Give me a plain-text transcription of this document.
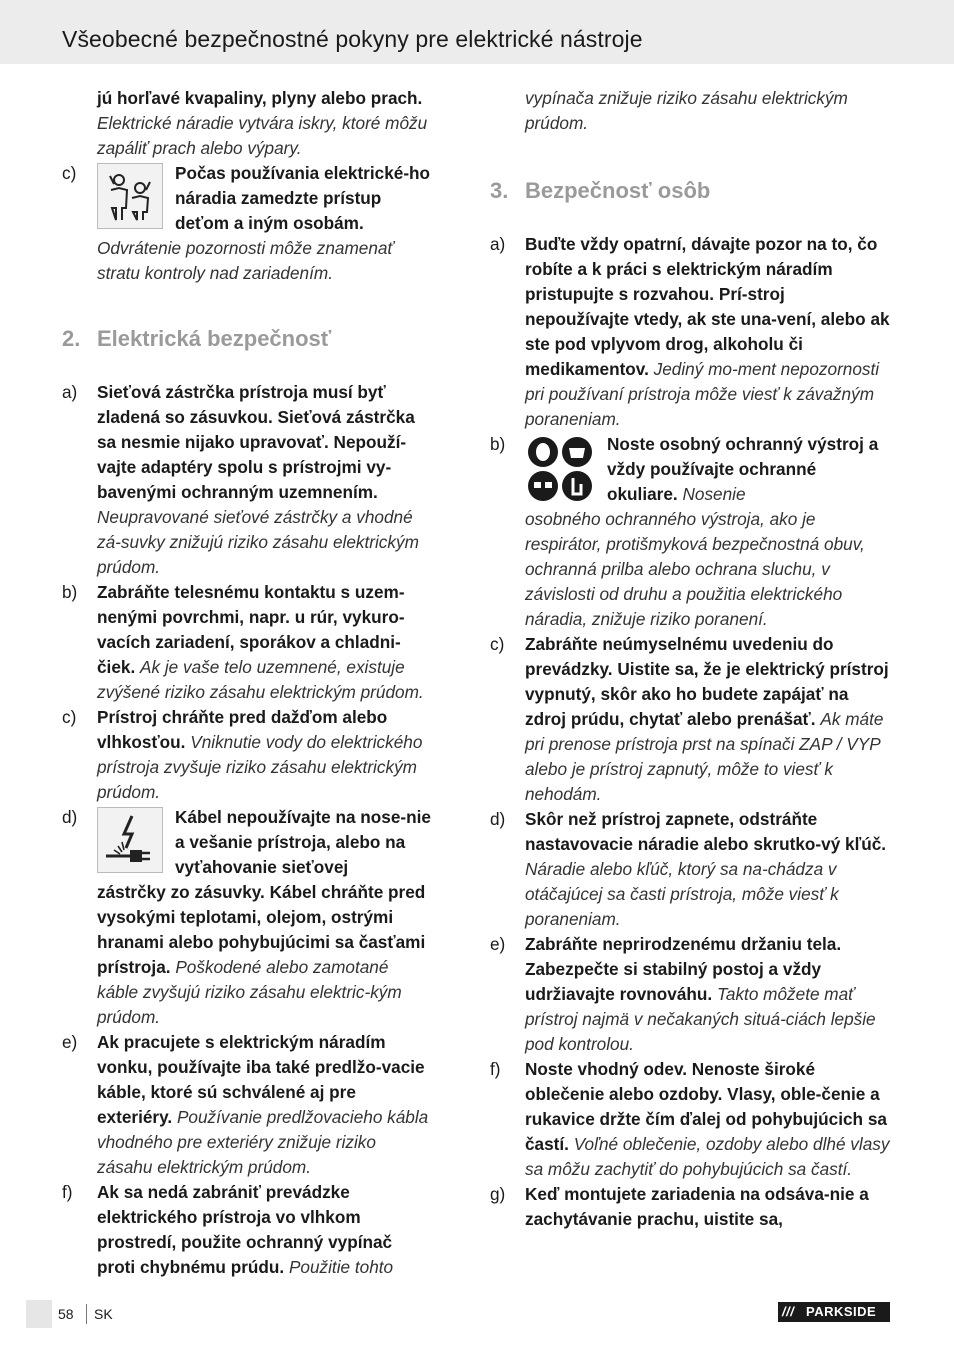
Všeobecné bezpečnostné pokyny pre elektrické nástroje
jú horľavé kvapaliny, plyny alebo prach. Elektrické náradie vytvára iskry, ktoré môžu zapáliť prach alebo výpary.
c)	Počas používania elektrické-ho náradia zamedzte prístup deťom a iným osobám.
Odvrátenie pozornosti môže znamenať stratu kontroly nad zariadením.
2. Elektrická bezpečnosť
a) Sieťová zástrčka prístroja musí byť zladená so zásuvkou. Sieťová zástrčka sa nesmie nijako upravovať. Nepouží-vajte adaptéry spolu s prístrojmi vy-bavenými ochranným uzemnením. Neupravované sieťové zástrčky a vhodné zá-suvky znižujú riziko zásahu elektrickým prúdom.
b) Zabráňte telesnému kontaktu s uzem-nenými povrchmi, napr. u rúr, vykuro-vacích zariadení, sporákov a chladni-čiek. Ak je vaše telo uzemnené, existuje zvýšené riziko zásahu elektrickým prúdom.
c) Prístroj chráňte pred dažďom alebo vlhkosťou. Vniknutie vody do elektrického prístroja zvyšuje riziko zásahu elektrickým prúdom.
d)	Kábel nepoužívajte na nose-nie a vešanie prístroja, alebo na vyťahovanie sieťovej
zástrčky zo zásuvky. Kábel chráňte pred vysokými teplotami, olejom, ostrými hranami alebo pohybujúcimi sa časťami prístroja. Poškodené alebo zamotané káble zvyšujú riziko zásahu elektric-kým prúdom.
e) Ak pracujete s elektrickým náradím vonku, používajte iba také predlžo-vacie káble, ktoré sú schválené aj pre exteriéry. Používanie predlžovacieho kábla vhodného pre exteriéry znižuje riziko zásahu elektrickým prúdom.
f) Ak sa nedá zabrániť prevádzke elektrického prístroja vo vlhkom prostredí, použite ochranný vypínač proti chybnému prúdu. Použitie tohto
vypínača znižuje riziko zásahu elektrickým prúdom.
3. Bezpečnosť osôb
a) Buďte vždy opatrní, dávajte pozor na to, čo robíte a k práci s elektrickým náradím pristupujte s rozvahou. Prí-stroj nepoužívajte vtedy, ak ste una-vení, alebo ak ste pod vplyvom drog, alkoholu či medikamentov. Jediný mo-ment nepozornosti pri používaní prístroja môže viesť k závažným poraneniam.
b)	Noste osobný ochranný výstroj a vždy používajte ochranné okuliare. Nosenie
osobného ochranného výstroja, ako je respirátor, protišmyková bezpečnostná obuv, ochranná prilba alebo ochrana sluchu, v závislosti od druhu a použitia elektrického náradia, znižuje riziko poranení.
c) Zabráňte neúmyselnému uvedeniu do prevádzky. Uistite sa, že je elektrický prístroj vypnutý, skôr ako ho budete zapájať na zdroj prúdu, chytať alebo prenášať. Ak máte pri prenose prístroja prst na spínači ZAP / VYP alebo je prístroj zapnutý, môže to viesť k nehodám.
d) Skôr než prístroj zapnete, odstráňte nastavovacie náradie alebo skrutko-vý kľúč. Náradie alebo kľúč, ktorý sa na-chádza v otáčajúcej sa časti prístroja, môže viesť k poraneniam.
e) Zabráňte neprirodzenému držaniu tela. Zabezpečte si stabilný postoj a vždy udržiavajte rovnováhu. Takto môžete mať prístroj najmä v nečakaných situá-ciách lepšie pod kontrolou.
f) Noste vhodný odev. Nenoste široké oblečenie alebo ozdoby. Vlasy, oble-čenie a rukavice držte čím ďalej od pohybujúcich sa častí. Voľné oblečenie, ozdoby alebo dlhé vlasy sa môžu zachytiť do pohybujúcich sa častí.
g) Keď montujete zariadenia na odsáva-nie a zachytávanie prachu, uistite sa,
58 SK	/// PARKSIDE
